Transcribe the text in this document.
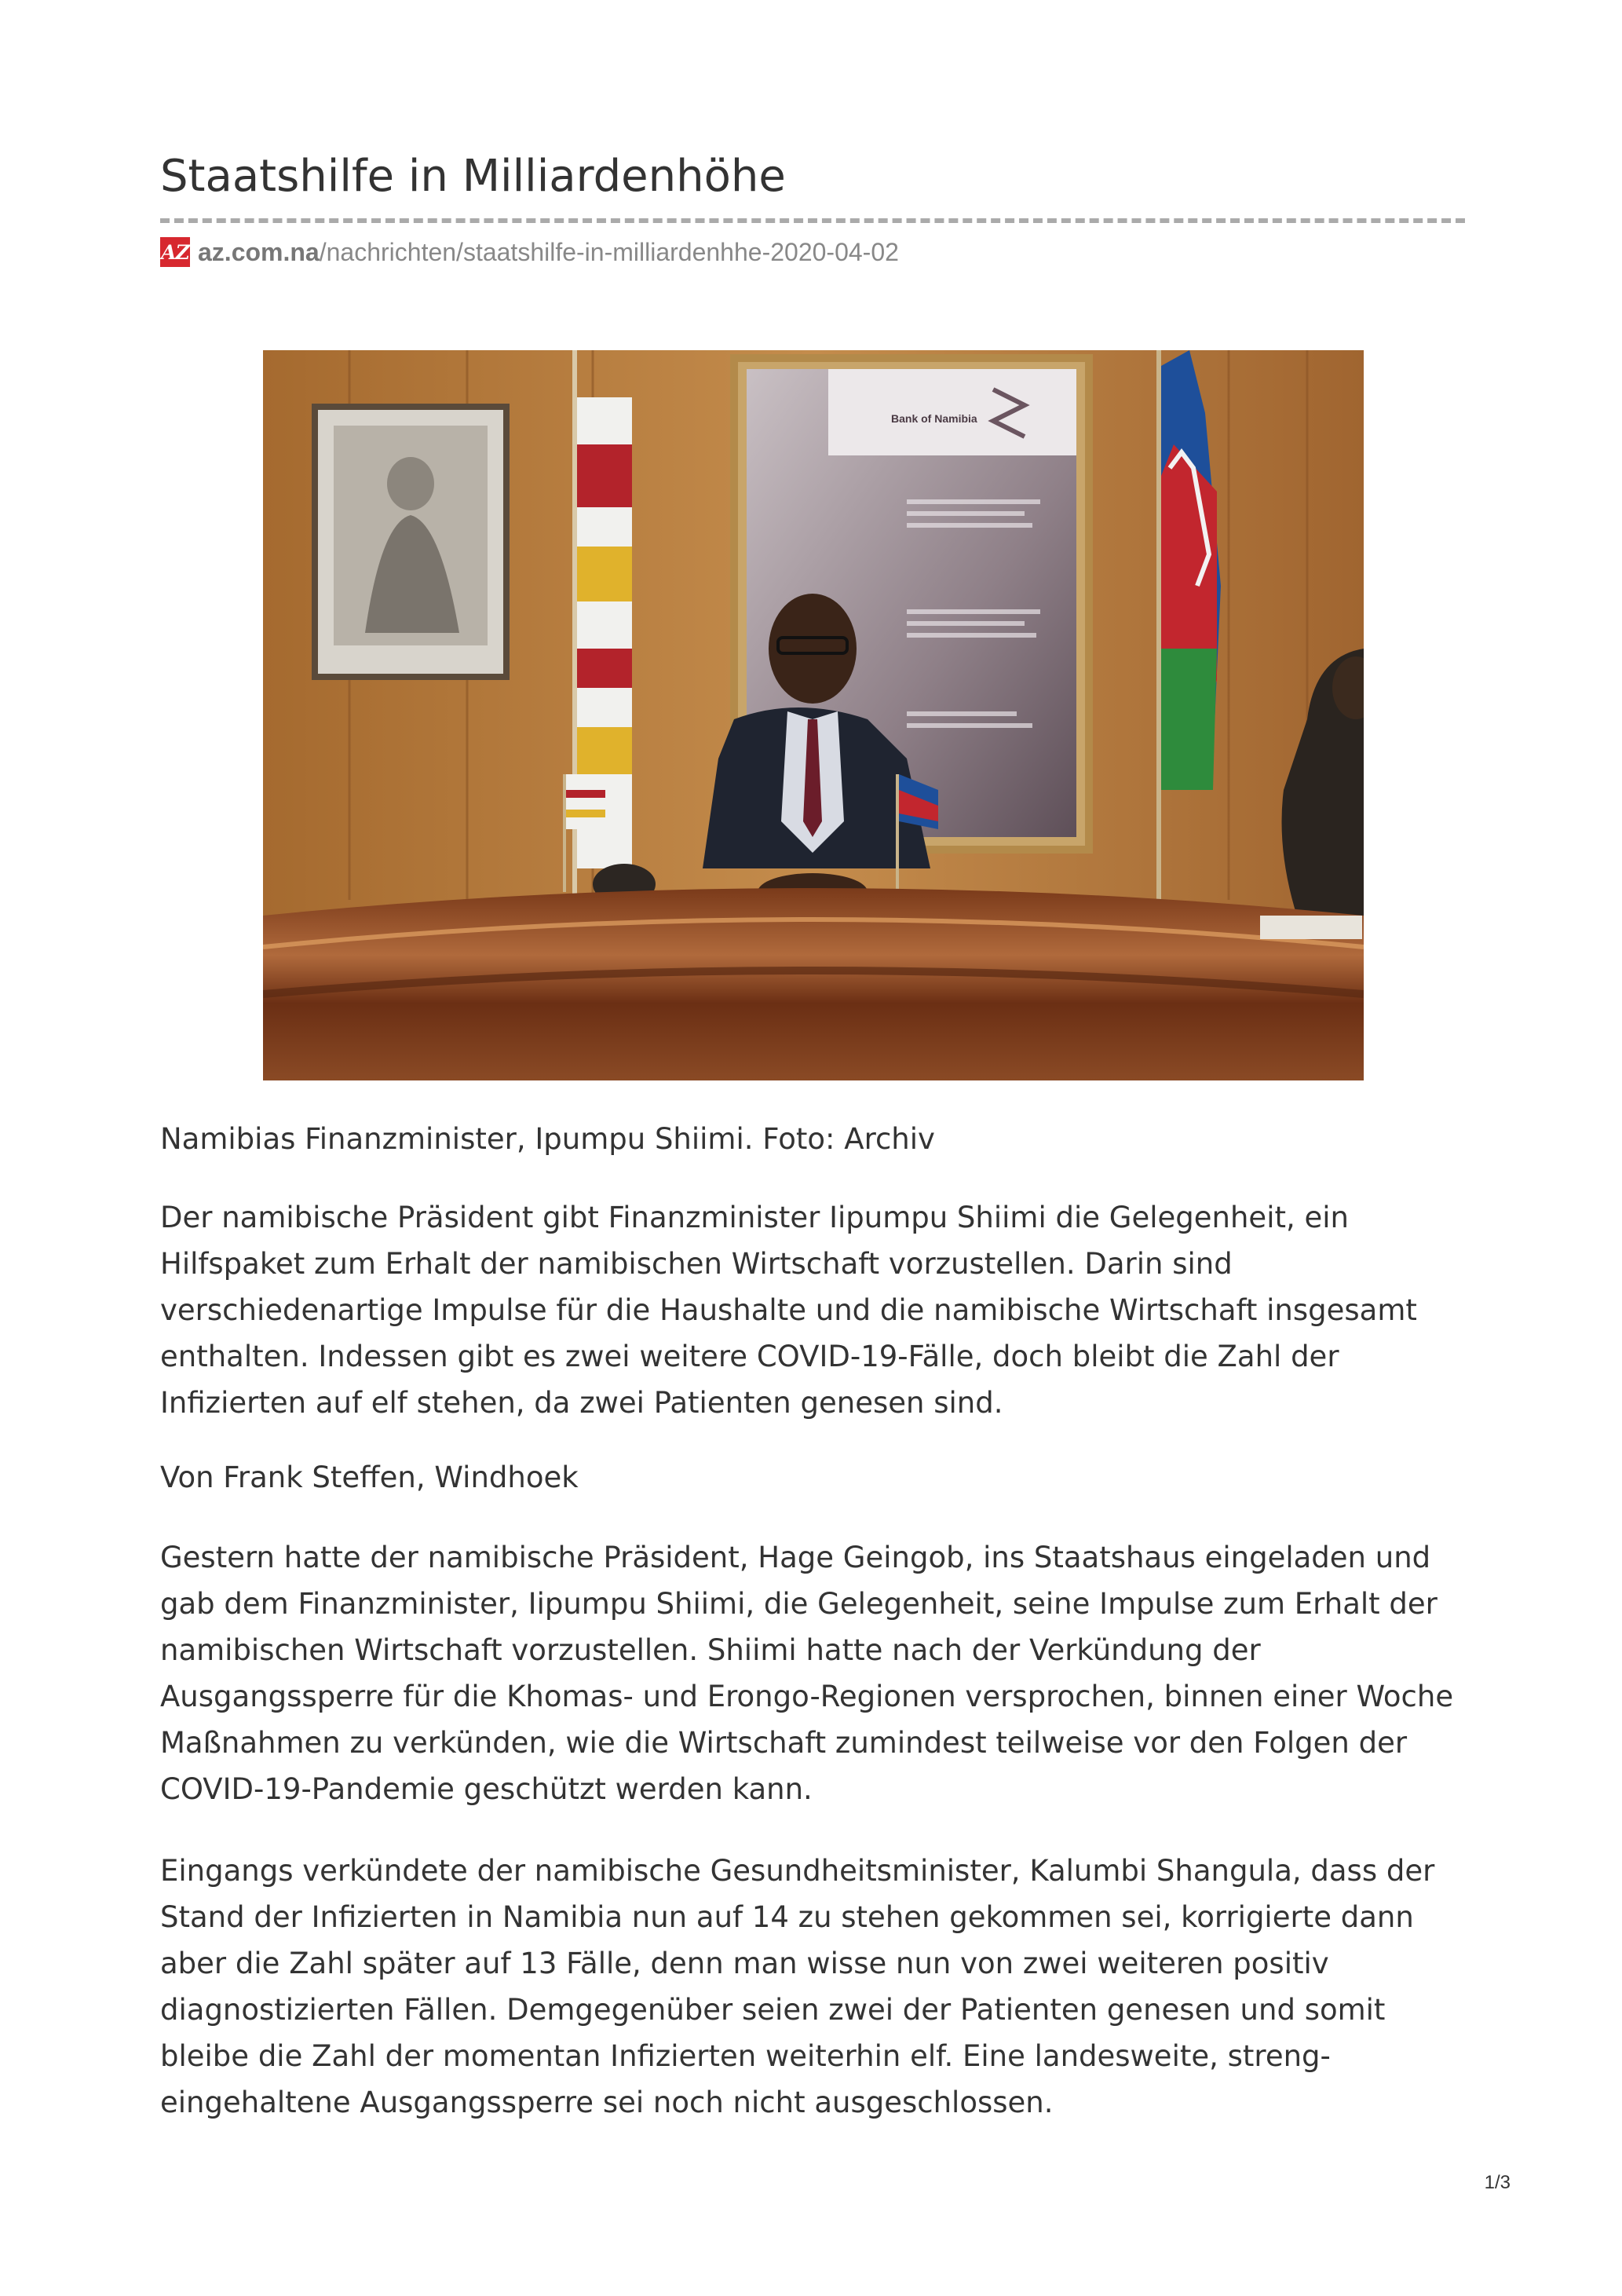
Staatshilfe in Milliardenhöhe
AZ az.com.na /nachrichten/staatshilfe-in-milliardenhhe-2020-04-02
Bank of Namibia

Namibias Finanzminister, Ipumpu Shiimi. Foto: Archiv

Der namibische Präsident gibt Finanzminister Iipumpu Shiimi die Gelegenheit, ein Hilfspaket zum Erhalt der namibischen Wirtschaft vorzustellen. Darin sind verschiedenartige Impulse für die Haushalte und die namibische Wirtschaft insgesamt enthalten. Indessen gibt es zwei weitere COVID-19-Fälle, doch bleibt die Zahl der Infizierten auf elf stehen, da zwei Patienten genesen sind.

Von Frank Steffen, Windhoek

Gestern hatte der namibische Präsident, Hage Geingob, ins Staatshaus eingeladen und gab dem Finanzminister, Iipumpu Shiimi, die Gelegenheit, seine Impulse zum Erhalt der namibischen Wirtschaft vorzustellen. Shiimi hatte nach der Verkündung der Ausgangssperre für die Khomas- und Erongo-Regionen versprochen, binnen einer Woche Maßnahmen zu verkünden, wie die Wirtschaft zumindest teilweise vor den Folgen der COVID-19-Pandemie geschützt werden kann.

Eingangs verkündete der namibische Gesundheitsminister, Kalumbi Shangula, dass der Stand der Infizierten in Namibia nun auf 14 zu stehen gekommen sei, korrigierte dann aber die Zahl später auf 13 Fälle, denn man wisse nun von zwei weiteren positiv diagnostizierten Fällen. Demgegenüber seien zwei der Patienten genesen und somit bleibe die Zahl der momentan Infizierten weiterhin elf. Eine landesweite, streng-eingehaltene Ausgangssperre sei noch nicht ausgeschlossen.

1/3
